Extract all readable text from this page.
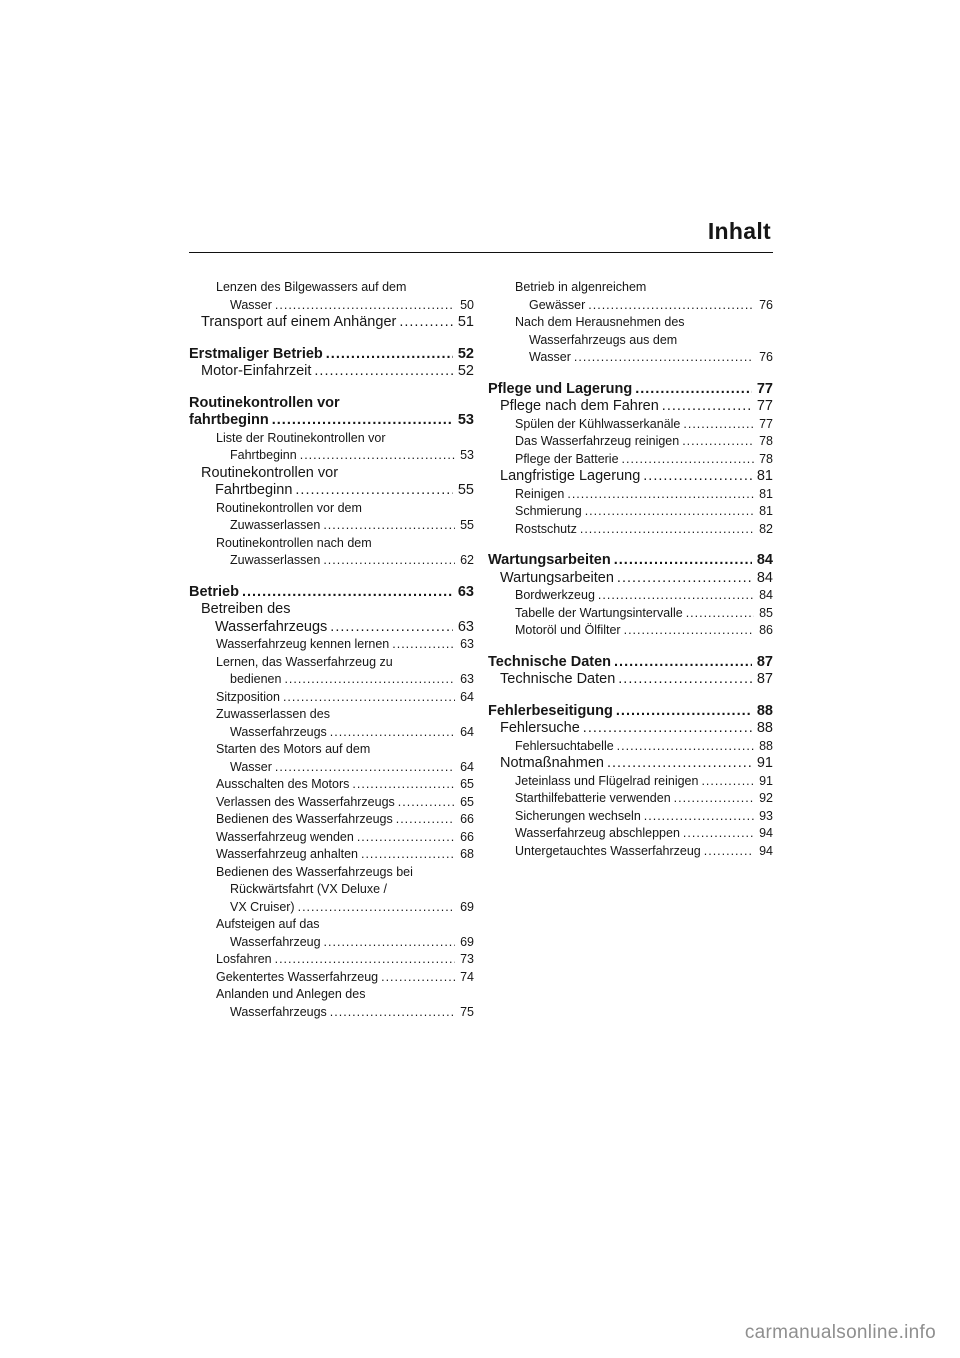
Inhalt
Lenzen des Bilgewassers auf dem
Wasser .....	50
Transport auf einem Anhänger .....	51
Erstmaliger Betrieb .....	52
Motor-Einfahrzeit .....	52
Routinekontrollen vor
fahrtbeginn .....	53
Liste der Routinekontrollen vor
Fahrtbeginn .....	53
Routinekontrollen vor
Fahrtbeginn .....	55
Routinekontrollen vor dem
Zuwasserlassen .....	55
Routinekontrollen nach dem
Zuwasserlassen .....	62
Betrieb .....	63
Betreiben des
Wasserfahrzeugs .....	63
Wasserfahrzeug kennen lernen .....	63
Lernen, das Wasserfahrzeug zu
bedienen .....	63
Sitzposition .....	64
Zuwasserlassen des
Wasserfahrzeugs .....	64
Starten des Motors auf dem
Wasser .....	64
Ausschalten des Motors .....	65
Verlassen des Wasserfahrzeugs .....	65
Bedienen des Wasserfahrzeugs .....	66
Wasserfahrzeug wenden .....	66
Wasserfahrzeug anhalten .....	68
Bedienen des Wasserfahrzeugs bei
Rückwärtsfahrt (VX Deluxe /
VX Cruiser) .....	69
Aufsteigen auf das
Wasserfahrzeug .....	69
Losfahren .....	73
Gekentertes Wasserfahrzeug .....	74
Anlanden und Anlegen des
Wasserfahrzeugs .....	75
Betrieb in algenreichem
Gewässer .....	76
Nach dem Herausnehmen des
Wasserfahrzeugs aus dem
Wasser .....	76
Pflege und Lagerung .....	77
Pflege nach dem Fahren .....	77
Spülen der Kühlwasserkanäle .....	77
Das Wasserfahrzeug reinigen .....	78
Pflege der Batterie .....	78
Langfristige Lagerung .....	81
Reinigen .....	81
Schmierung .....	81
Rostschutz .....	82
Wartungsarbeiten .....	84
Wartungsarbeiten .....	84
Bordwerkzeug .....	84
Tabelle der Wartungsintervalle .....	85
Motoröl und Ölfilter .....	86
Technische Daten .....	87
Technische Daten .....	87
Fehlerbeseitigung .....	88
Fehlersuche .....	88
Fehlersuchtabelle .....	88
Notmaßnahmen .....	91
Jeteinlass und Flügelrad reinigen .....	91
Starthilfebatterie verwenden .....	92
Sicherungen wechseln .....	93
Wasserfahrzeug abschleppen .....	94
Untergetauchtes Wasserfahrzeug .....	94
carmanualsonline.info
